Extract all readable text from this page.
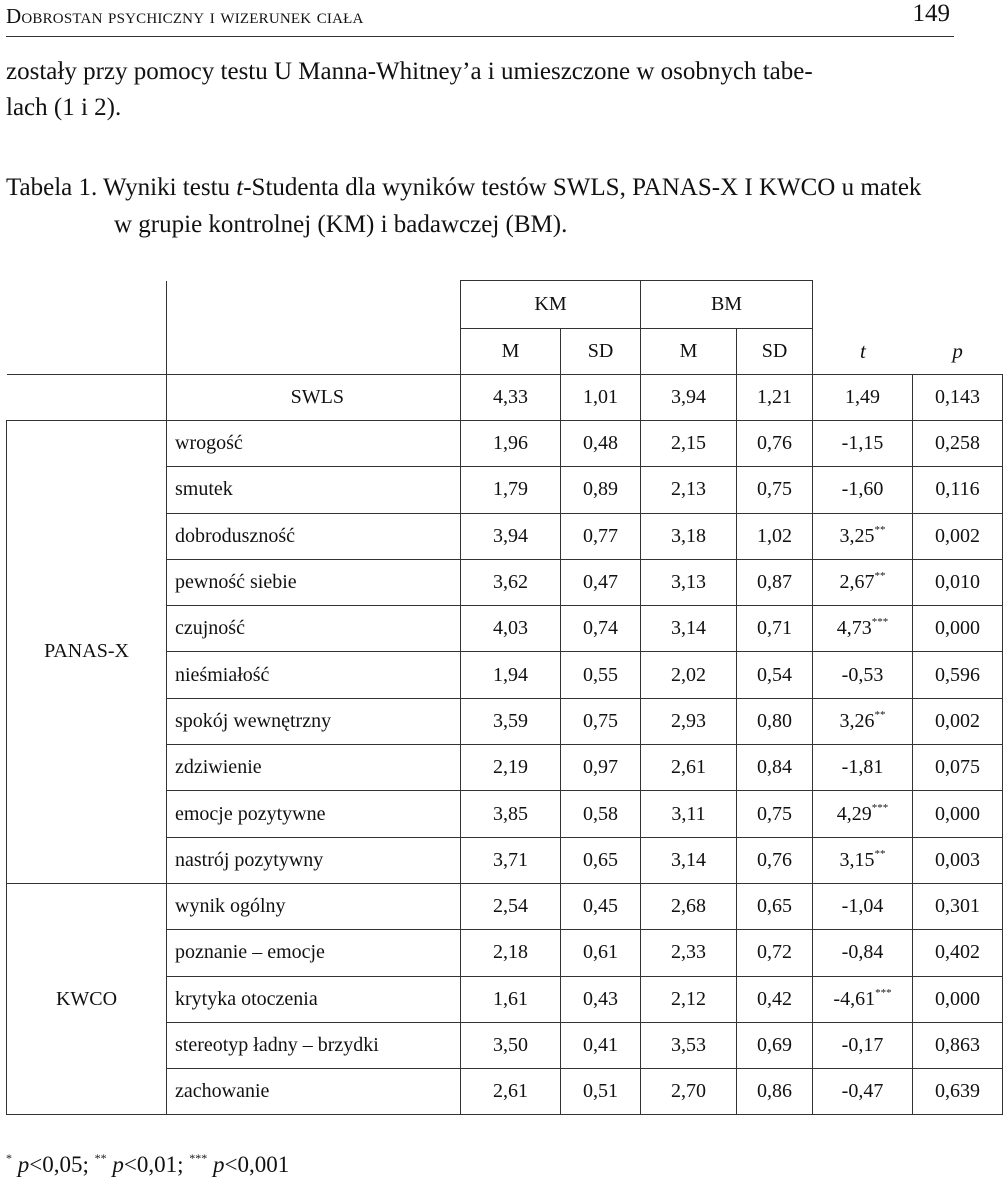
Dobrostan psychiczny i wizerunek ciała	149
zostały przy pomocy testu U Manna-Whitney’a i umieszczone w osobnych tabe-
lach (1 i 2).
Tabela 1. Wyniki testu t-Studenta dla wyników testów SWLS, PANAS-X I KWCO u matek
w grupie kontrolnej (KM) i badawczej (BM).
		KM		BM		t p	

		M	SD	M	SD		
	SWLS	4,33	1,01	3,94	1,21	1,49	0,143
PANAS-X	wrogość	1,96	0,48	2,15	0,76	-1,15	0,258
	smutek	1,79	0,89	2,13	0,75	-1,60	0,116
	dobroduszność	3,94	0,77	3,18	1,02	3,25**	0,002
	pewność siebie	3,62	0,47	3,13	0,87	2,67**	0,010
	czujność	4,03	0,74	3,14	0,71	4,73***	0,000
	nieśmiałość	1,94	0,55	2,02	0,54	-0,53	0,596
	spokój wewnętrzny	3,59	0,75	2,93	0,80	3,26**	0,002
	zdziwienie	2,19	0,97	2,61	0,84	-1,81	0,075
	emocje pozytywne	3,85	0,58	3,11	0,75	4,29***	0,000
	nastrój pozytywny	3,71	0,65	3,14	0,76	3,15**	0,003
KWCO	wynik ogólny	2,54	0,45	2,68	0,65	-1,04	0,301
	poznanie – emocje	2,18	0,61	2,33	0,72	-0,84	0,402
	krytyka otoczenia	1,61	0,43	2,12	0,42	-4,61***	0,000
	stereotyp ładny – brzydki	3,50	0,41	3,53	0,69	-0,17	0,863
	zachowanie	2,61	0,51	2,70	0,86	-0,47	0,639
* p<0,05; ** p<0,01; *** p<0,001
